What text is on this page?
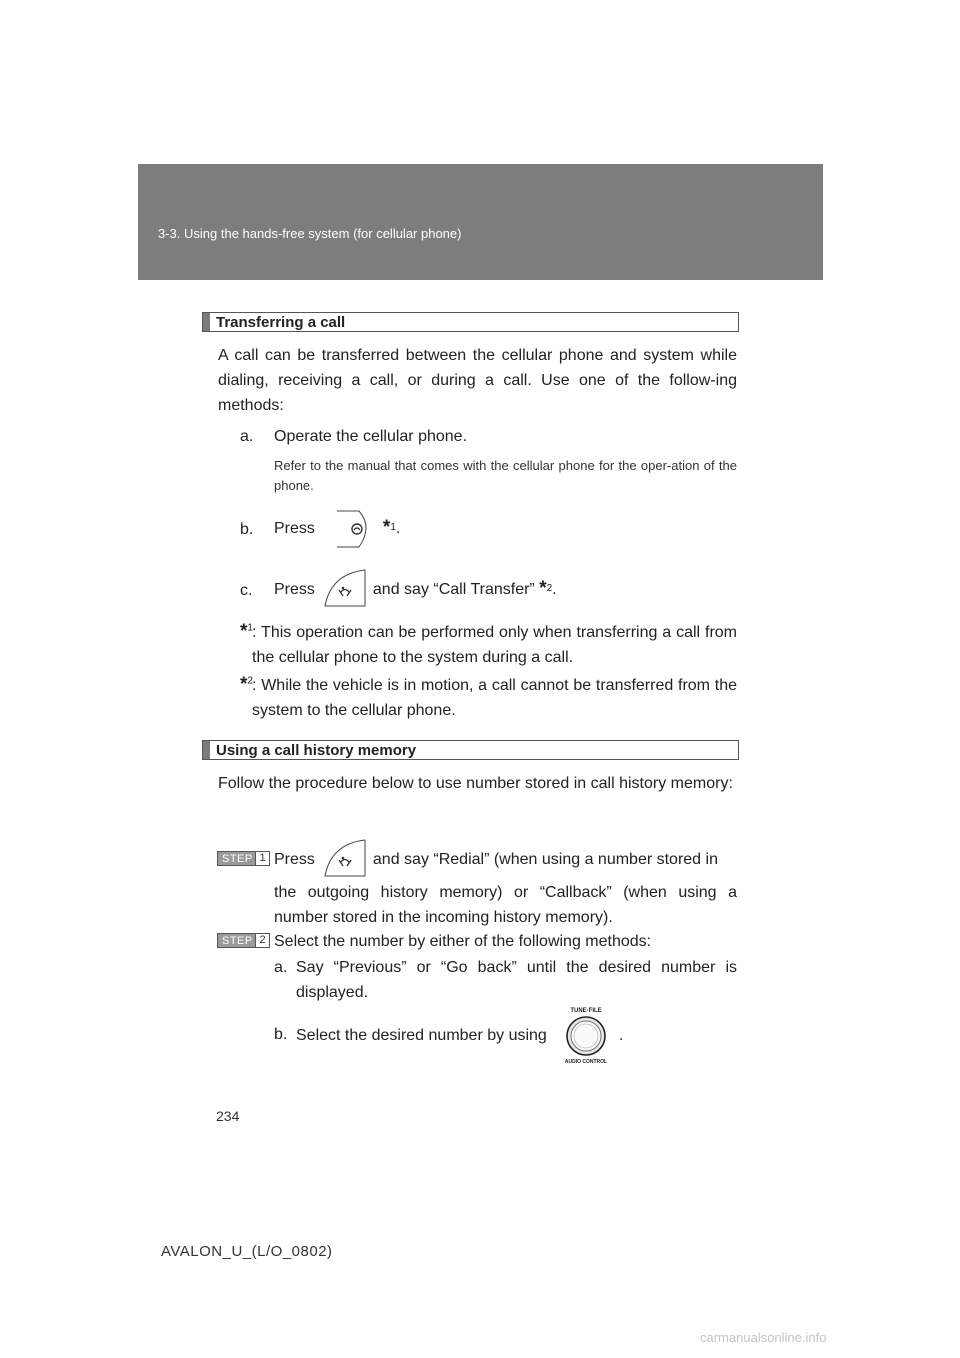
3-3. Using the hands-free system (for cellular phone)
Transferring a call
A call can be transferred between the cellular phone and system while dialing, receiving a call, or during a call. Use one of the follow-ing methods:
a. Operate the cellular phone.
Refer to the manual that comes with the cellular phone for the oper-ation of the phone.
b. Press	* 1 .
c. Press	and say “Call Transfer”
* 2 .
*$^1$ : This operation can be performed only when transferring a call from the cellular phone to the system during a call.
*$^2$ : While the vehicle is in motion, a call cannot be transferred from the system to the cellular phone.
Using a call history memory
Follow the procedure below to use number stored in call history memory:
STEP 1 Press	and say “Redial” (when using a number stored in
the outgoing history memory) or “Callback” (when using a number stored in the incoming history memory).
STEP 2 Select the number by either of the following methods:
a. Say “Previous” or “Go back” until the desired number is displayed.
b. Select the desired number by using
TUNE·FILE
AUDIO CONTROL
.
234
AVALON_U_(L/O_0802)
carmanualsonline.info
